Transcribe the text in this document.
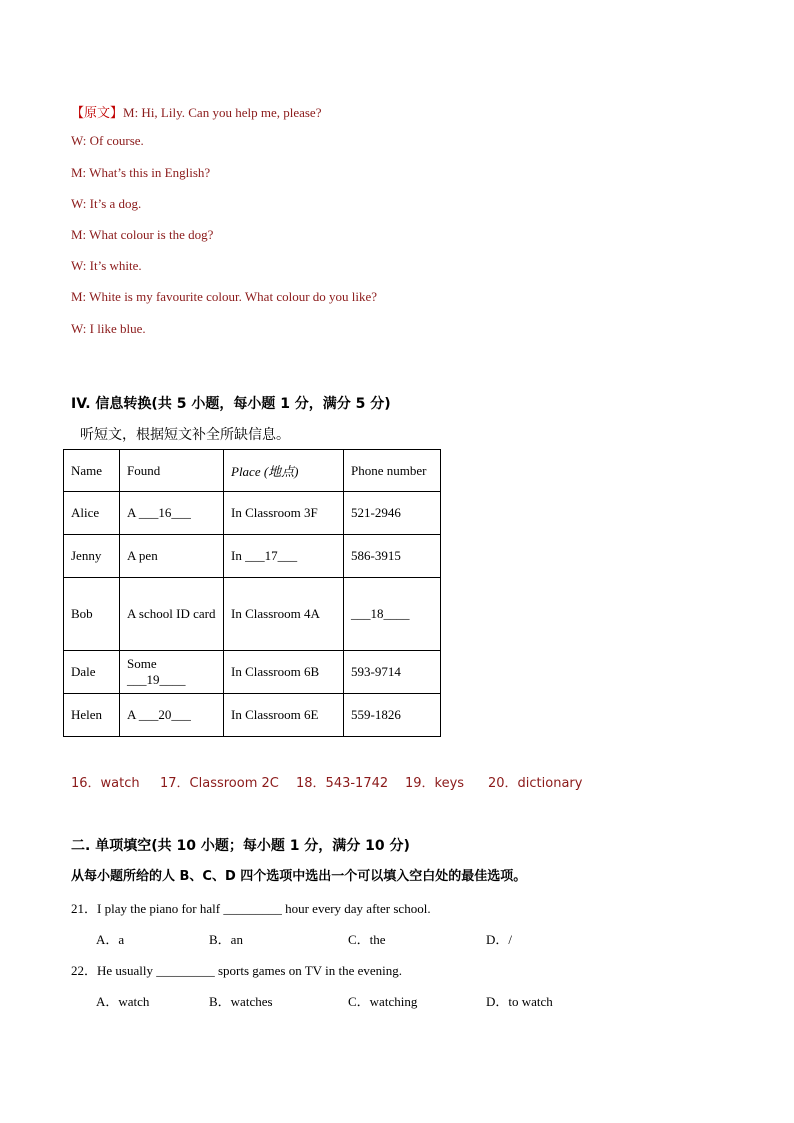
【原文】M: Hi, Lily. Can you help me, please?
W: Of course.
M: What’s this in English?
W: It’s a dog.
M: What colour is the dog?
W: It’s white.
M: White is my favourite colour. What colour do you like?
W: I like blue.
IV. 信息转换(共 5 小题，每小题 1 分，满分 5 分)
听短文，根据短文补全所缺信息。
Name	Found	Place (地点)	Phone number
Alice	A ___16___	In Classroom 3F	521-2946
Jenny	A pen	In ___17___	586-3915
Bob	A school ID card	In Classroom 4A	___18____
Dale	Some ___19____	In Classroom 6B	593-9714
Helen	A ___20___	In Classroom 6E	559-1826
16．watch 17．Classroom 2C 18．543-1742 19．keys 20．dictionary
二. 单项填空(共 10 小题；每小题 1 分，满分 10 分)
从每小题所给的人 B、C、D 四个选项中选出一个可以填入空白处的最佳选项。
21．I play the piano for half _________ hour every day after school.
A．a	B．an	C．the	D．/
22．He usually _________ sports games on TV in the evening.
A．watch	B．watches	C．watching	D．to watch
